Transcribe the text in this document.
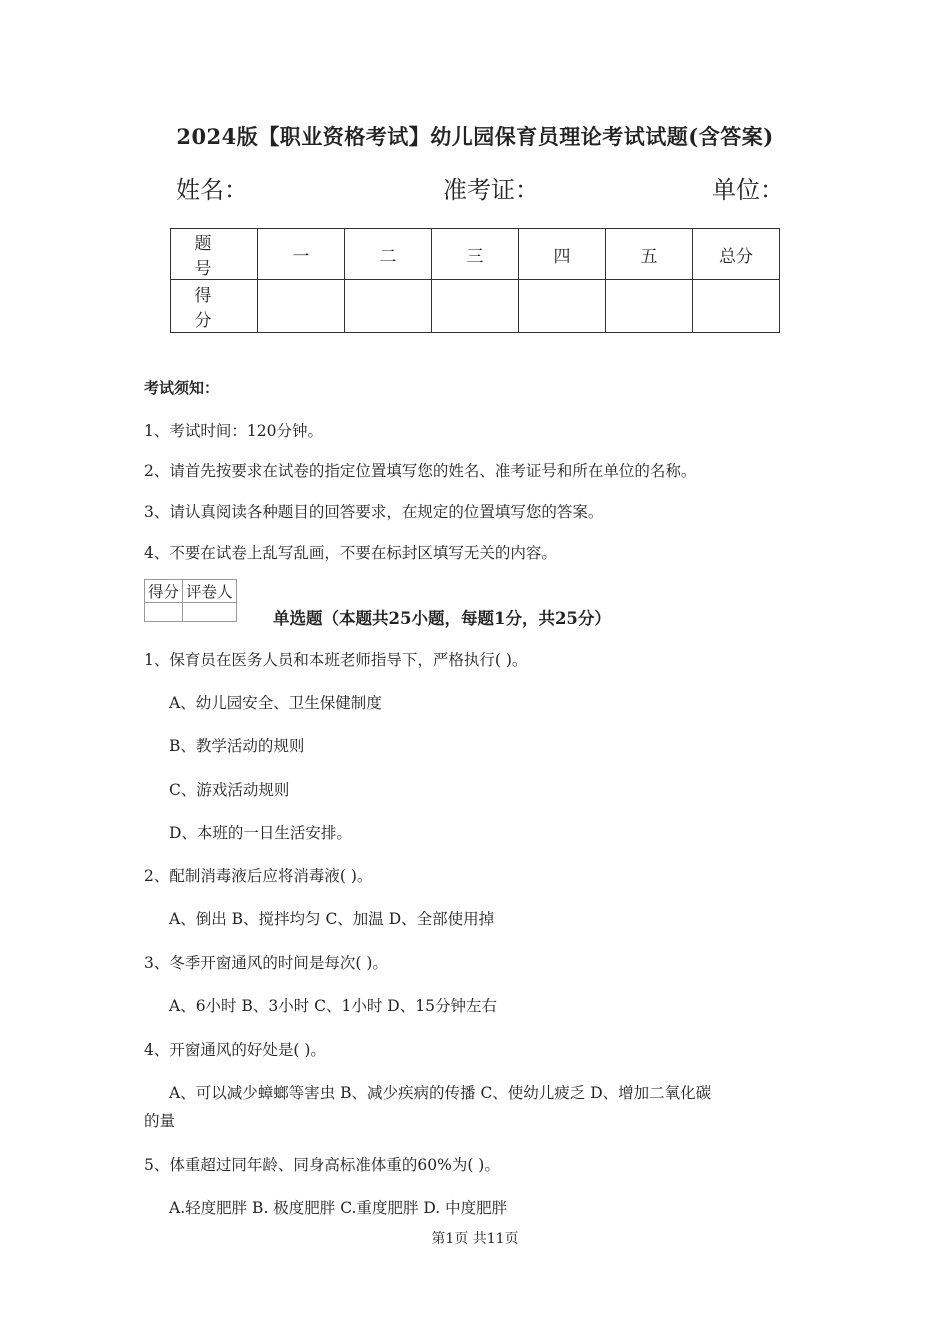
2024版【职业资格考试】幼儿园保育员理论考试试题(含答案)
姓名：	准考证：	单位：
题 号	一	二	三	四	五	总分
得 分						
考试须知：
1、考试时间：120分钟。
2、请首先按要求在试卷的指定位置填写您的姓名、准考证号和所在单位的名称。
3、请认真阅读各种题目的回答要求，在规定的位置填写您的答案。
4、不要在试卷上乱写乱画，不要在标封区填写无关的内容。
得分	评卷人

单选题（本题共25小题，每题1分，共25分）
1、保育员在医务人员和本班老师指导下，严格执行( )。
A、幼儿园安全、卫生保健制度
B、教学活动的规则
C、游戏活动规则
D、本班的一日生活安排。
2、配制消毒液后应将消毒液( )。
A、倒出 B、搅拌均匀 C、加温 D、全部使用掉
3、冬季开窗通风的时间是每次( )。
A、6小时 B、3小时 C、1小时 D、15分钟左右
4、开窗通风的好处是( )。
A、可以减少蟑螂等害虫 B、减少疾病的传播 C、使幼儿疲乏 D、增加二氧化碳
的量
5、体重超过同年龄、同身高标准体重的60%为( )。
A.轻度肥胖 B. 极度肥胖 C.重度肥胖 D. 中度肥胖
第1页 共11页
